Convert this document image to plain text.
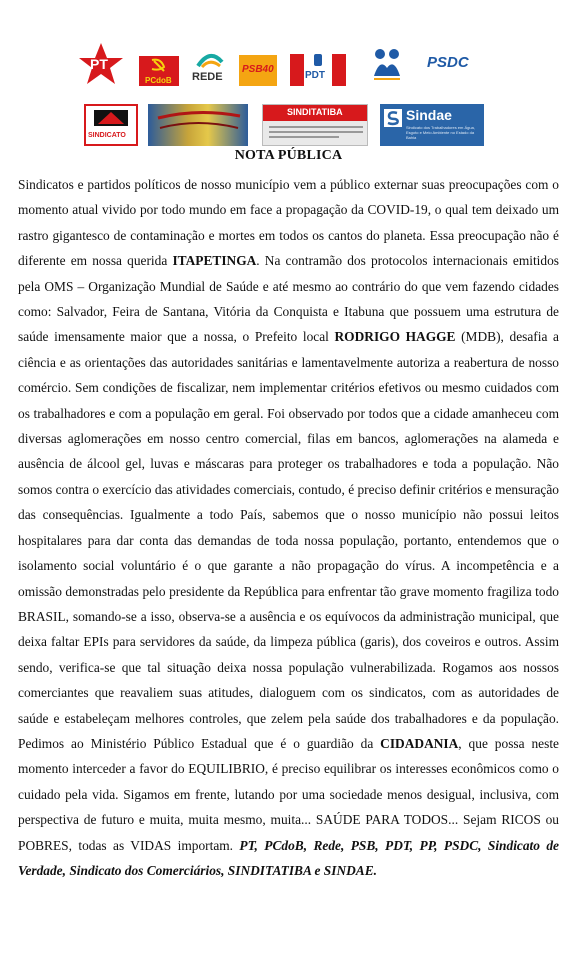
PT
PCdoB REDE
PSB40
PDT
PSDC
SINDICATO
SINDITATIBA	Sindae
Sindicato dos Trabalhadores em Água, Esgoto e Meio Ambiente no Estado da Bahia
NOTA PÚBLICA
Sindicatos e partidos políticos de nosso município vem a público externar suas preocupações com o momento atual vivido por todo mundo em face a propagação da COVID-19, o qual tem deixado um rastro gigantesco de contaminação e mortes em todos os cantos do planeta. Essa preocupação não é diferente em nossa querida ITAPETINGA. Na contramão dos protocolos internacionais emitidos pela OMS – Organização Mundial de Saúde e até mesmo ao contrário do que vem fazendo cidades como: Salvador, Feira de Santana, Vitória da Conquista e Itabuna que possuem uma estrutura de saúde imensamente maior que a nossa, o Prefeito local RODRIGO HAGGE (MDB), desafia a ciência e as orientações das autoridades sanitárias e lamentavelmente autoriza a reabertura de nosso comércio. Sem condições de fiscalizar, nem implementar critérios efetivos ou mesmo cuidados com os trabalhadores e com a população em geral. Foi observado por todos que a cidade amanheceu com diversas aglomerações em nosso centro comercial, filas em bancos, aglomerações na alameda e ausência de álcool gel, luvas e máscaras para proteger os trabalhadores e toda a população. Não somos contra o exercício das atividades comerciais, contudo, é preciso definir critérios e mensuração das consequências. Igualmente a todo País, sabemos que o nosso município não possui leitos hospitalares para dar conta das demandas de toda nossa população, portanto, entendemos que o isolamento social voluntário é o que garante a não propagação do vírus. A incompetência e a omissão demonstradas pelo presidente da República para enfrentar tão grave momento fragiliza todo BRASIL, somando-se a isso, observa-se a ausência e os equívocos da administração municipal, que deixa faltar EPIs para servidores da saúde, da limpeza pública (garis), dos coveiros e outros. Assim sendo, verifica-se que tal situação deixa nossa população vulnerabilizada. Rogamos aos nossos comerciantes que reavaliem suas atitudes, dialoguem com os sindicatos, com as autoridades de saúde e estabeleçam melhores controles, que zelem pela saúde dos trabalhadores e da população. Pedimos ao Ministério Público Estadual que é o guardião da CIDADANIA, que possa neste momento interceder a favor do EQUILIBRIO, é preciso equilibrar os interesses econômicos como o cuidado pela vida. Sigamos em frente, lutando por uma sociedade menos desigual, inclusiva, com perspectiva de futuro e muita, muita mesmo, muita... SAÚDE PARA TODOS... Sejam RICOS ou POBRES, todas as VIDAS importam. PT, PCdoB, Rede, PSB, PDT, PP, PSDC, Sindicato de Verdade, Sindicato dos Comerciários, SINDITATIBA e SINDAE.
